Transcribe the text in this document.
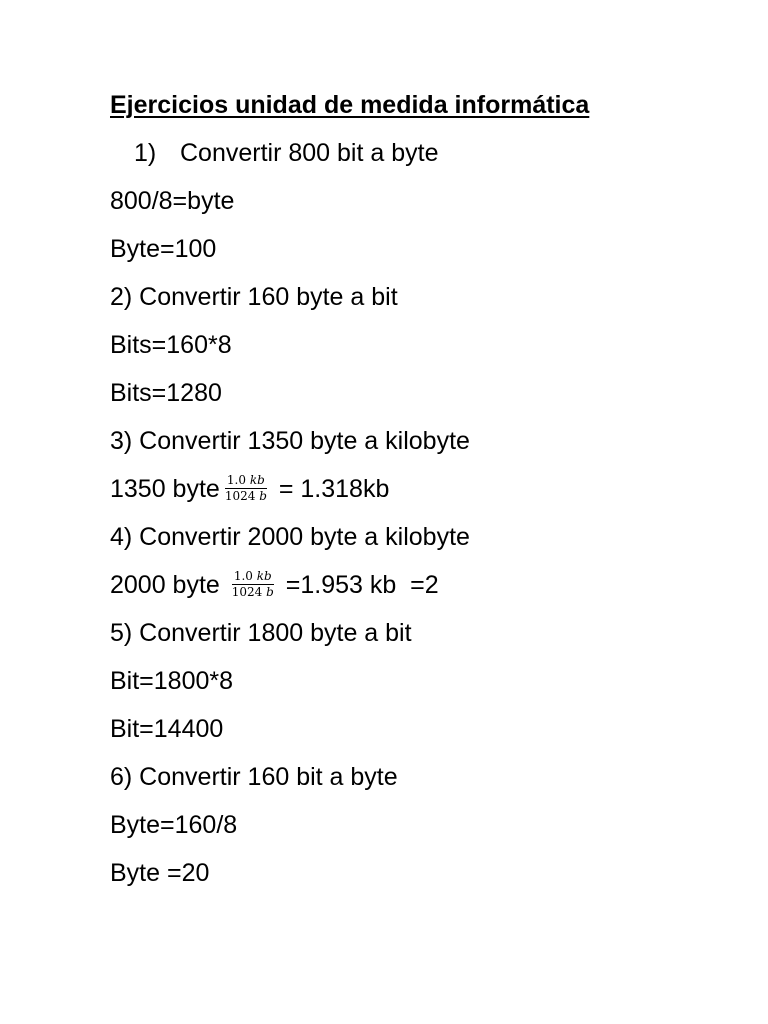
Ejercicios unidad de medida informática
1) Convertir 800 bit a byte
800/8=byte
Byte=100
2) Convertir 160 byte a bit
Bits=160*8
Bits=1280
3) Convertir 1350 byte a kilobyte
1350 byte $\frac{1.0 kb}{1024 b} = 1.318kb$
4) Convertir 2000 byte a kilobyte
2000 byte $\frac{1.0 kb}{1024 b} =1.953$ kb  =2
5) Convertir 1800 byte a bit
Bit=1800*8
Bit=14400
6) Convertir 160 bit a byte
Byte=160/8
Byte =20
